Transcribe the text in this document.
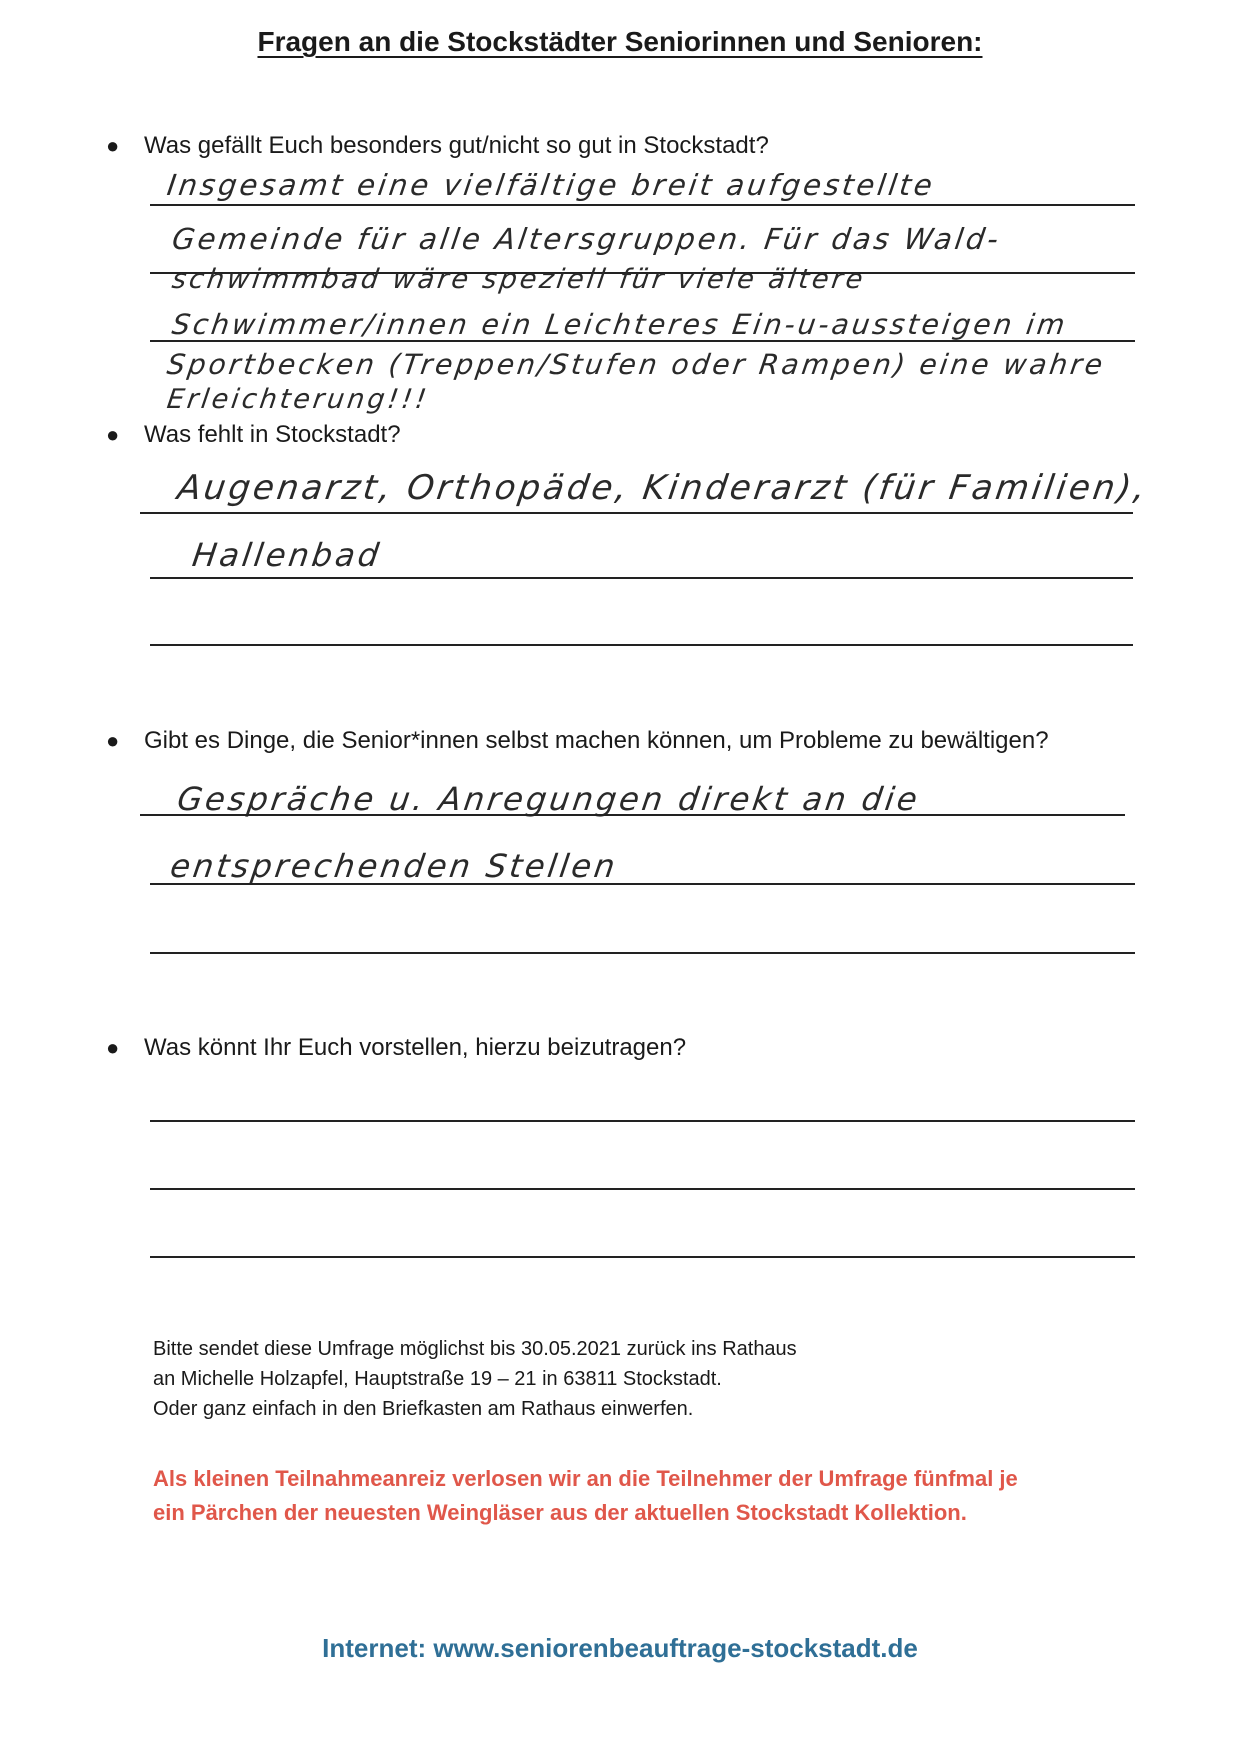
Fragen an die Stockstädter Seniorinnen und Senioren:
● Was gefällt Euch besonders gut/nicht so gut in Stockstadt?
Insgesamt eine vielfältige breit aufgestellte
Gemeinde für alle Altersgruppen. Für das Wald-
schwimmbad wäre speziell für viele ältere
Schwimmer/innen ein Leichteres Ein-u-aussteigen im
Sportbecken (Treppen/Stufen oder Rampen) eine wahre
Erleichterung!!!
● Was fehlt in Stockstadt?
Augenarzt, Orthopäde, Kinderarzt (für Familien),
Hallenbad
● Gibt es Dinge, die Senior*innen selbst machen können, um Probleme zu bewältigen?
Gespräche u. Anregungen direkt an die
entsprechenden Stellen
● Was könnt Ihr Euch vorstellen, hierzu beizutragen?
Bitte sendet diese Umfrage möglichst bis 30.05.2021 zurück ins Rathaus
an Michelle Holzapfel, Hauptstraße 19 – 21 in 63811 Stockstadt.
Oder ganz einfach in den Briefkasten am Rathaus einwerfen.
Als kleinen Teilnahmeanreiz verlosen wir an die Teilnehmer der Umfrage fünfmal je
ein Pärchen der neuesten Weingläser aus der aktuellen Stockstadt Kollektion.
Internet: www.seniorenbeauftrage-stockstadt.de
